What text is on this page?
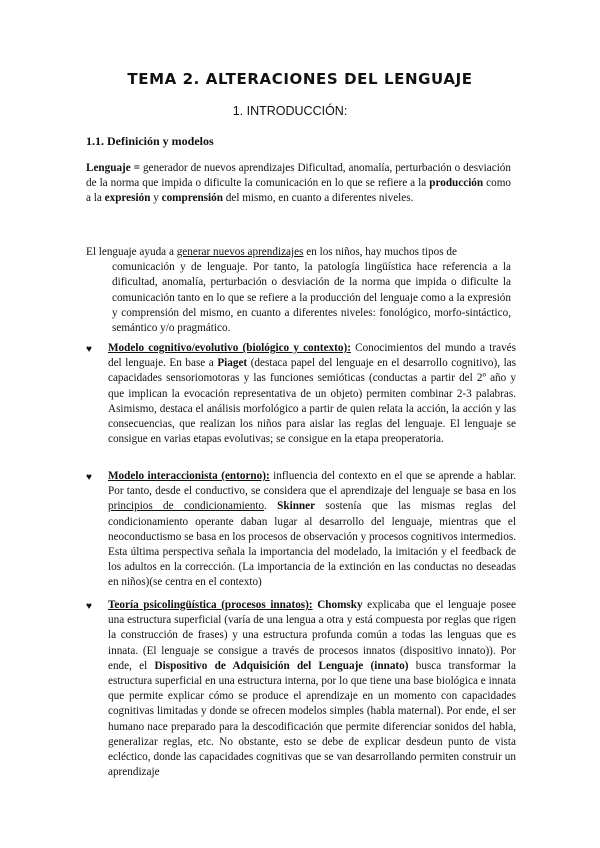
TEMA 2. ALTERACIONES DEL LENGUAJE
1. INTRODUCCIÓN:
1.1. Definición y modelos

Lenguaje = generador de nuevos aprendizajes Dificultad, anomalía, perturbación o desviación de la norma que impida o dificulte la comunicación en lo que se refiere a la producción como a la expresión y comprensión del mismo, en cuanto a diferentes niveles.

El lenguaje ayuda a generar nuevos aprendizajes en los niños, hay muchos tipos de
comunicación y de lenguaje. Por tanto, la patología lingüística hace referencia a la dificultad, anomalía, perturbación o desviación de la norma que impida o dificulte la comunicación tanto en lo que se refiere a la producción del lenguaje como a la expresión y comprensión del mismo, en cuanto a diferentes niveles: fonológico, morfo-sintáctico, semántico y/o pragmático.
♥ Modelo cognitivo/evolutivo (biológico y contexto): Conocimientos del mundo a través del lenguaje. En base a Piaget (destaca papel del lenguaje en el desarrollo cognitivo), las capacidades sensoriomotoras y las funciones semióticas (conductas a partir del 2º año y que implican la evocación representativa de un objeto) permiten combinar 2-3 palabras. Asimismo, destaca el análisis morfológico a partir de quien relata la acción, la acción y las consecuencias, que realizan los niños para aislar las reglas del lenguaje. El lenguaje se consigue en varias etapas evolutivas; se consigue en la etapa preoperatoria.
♥ Modelo interaccionista (entorno): influencia del contexto en el que se aprende a hablar. Por tanto, desde el conductivo, se considera que el aprendizaje del lenguaje se basa en los principios de condicionamiento. Skinner sostenía que las mismas reglas del condicionamiento operante daban lugar al desarrollo del lenguaje, mientras que el neoconductismo se basa en los procesos de observación y procesos cognitivos intermedios. Esta última perspectiva señala la importancia del modelado, la imitación y el feedback de los adultos en la corrección. (La importancia de la extinción en las conductas no deseadas en niños)(se centra en el contexto)
♥ Teoría psicolingüística (procesos innatos): Chomsky explicaba que el lenguaje posee una estructura superficial (varía de una lengua a otra y está compuesta por reglas que rigen la construcción de frases) y una estructura profunda común a todas las lenguas que es innata. (El lenguaje se consigue a través de procesos innatos (dispositivo innato)). Por ende, el Dispositivo de Adquisición del Lenguaje (innato) busca transformar la estructura superficial en una estructura interna, por lo que tiene una base biológica e innata que permite explicar cómo se produce el aprendizaje en un momento con capacidades cognitivas limitadas y donde se ofrecen modelos simples (habla maternal). Por ende, el ser humano nace preparado para la descodificación que permite diferenciar sonidos del habla, generalizar reglas, etc. No obstante, esto se debe de explicar desdeun punto de vista ecléctico, donde las capacidades cognitivas que se van desarrollando permiten construir un aprendizaje
